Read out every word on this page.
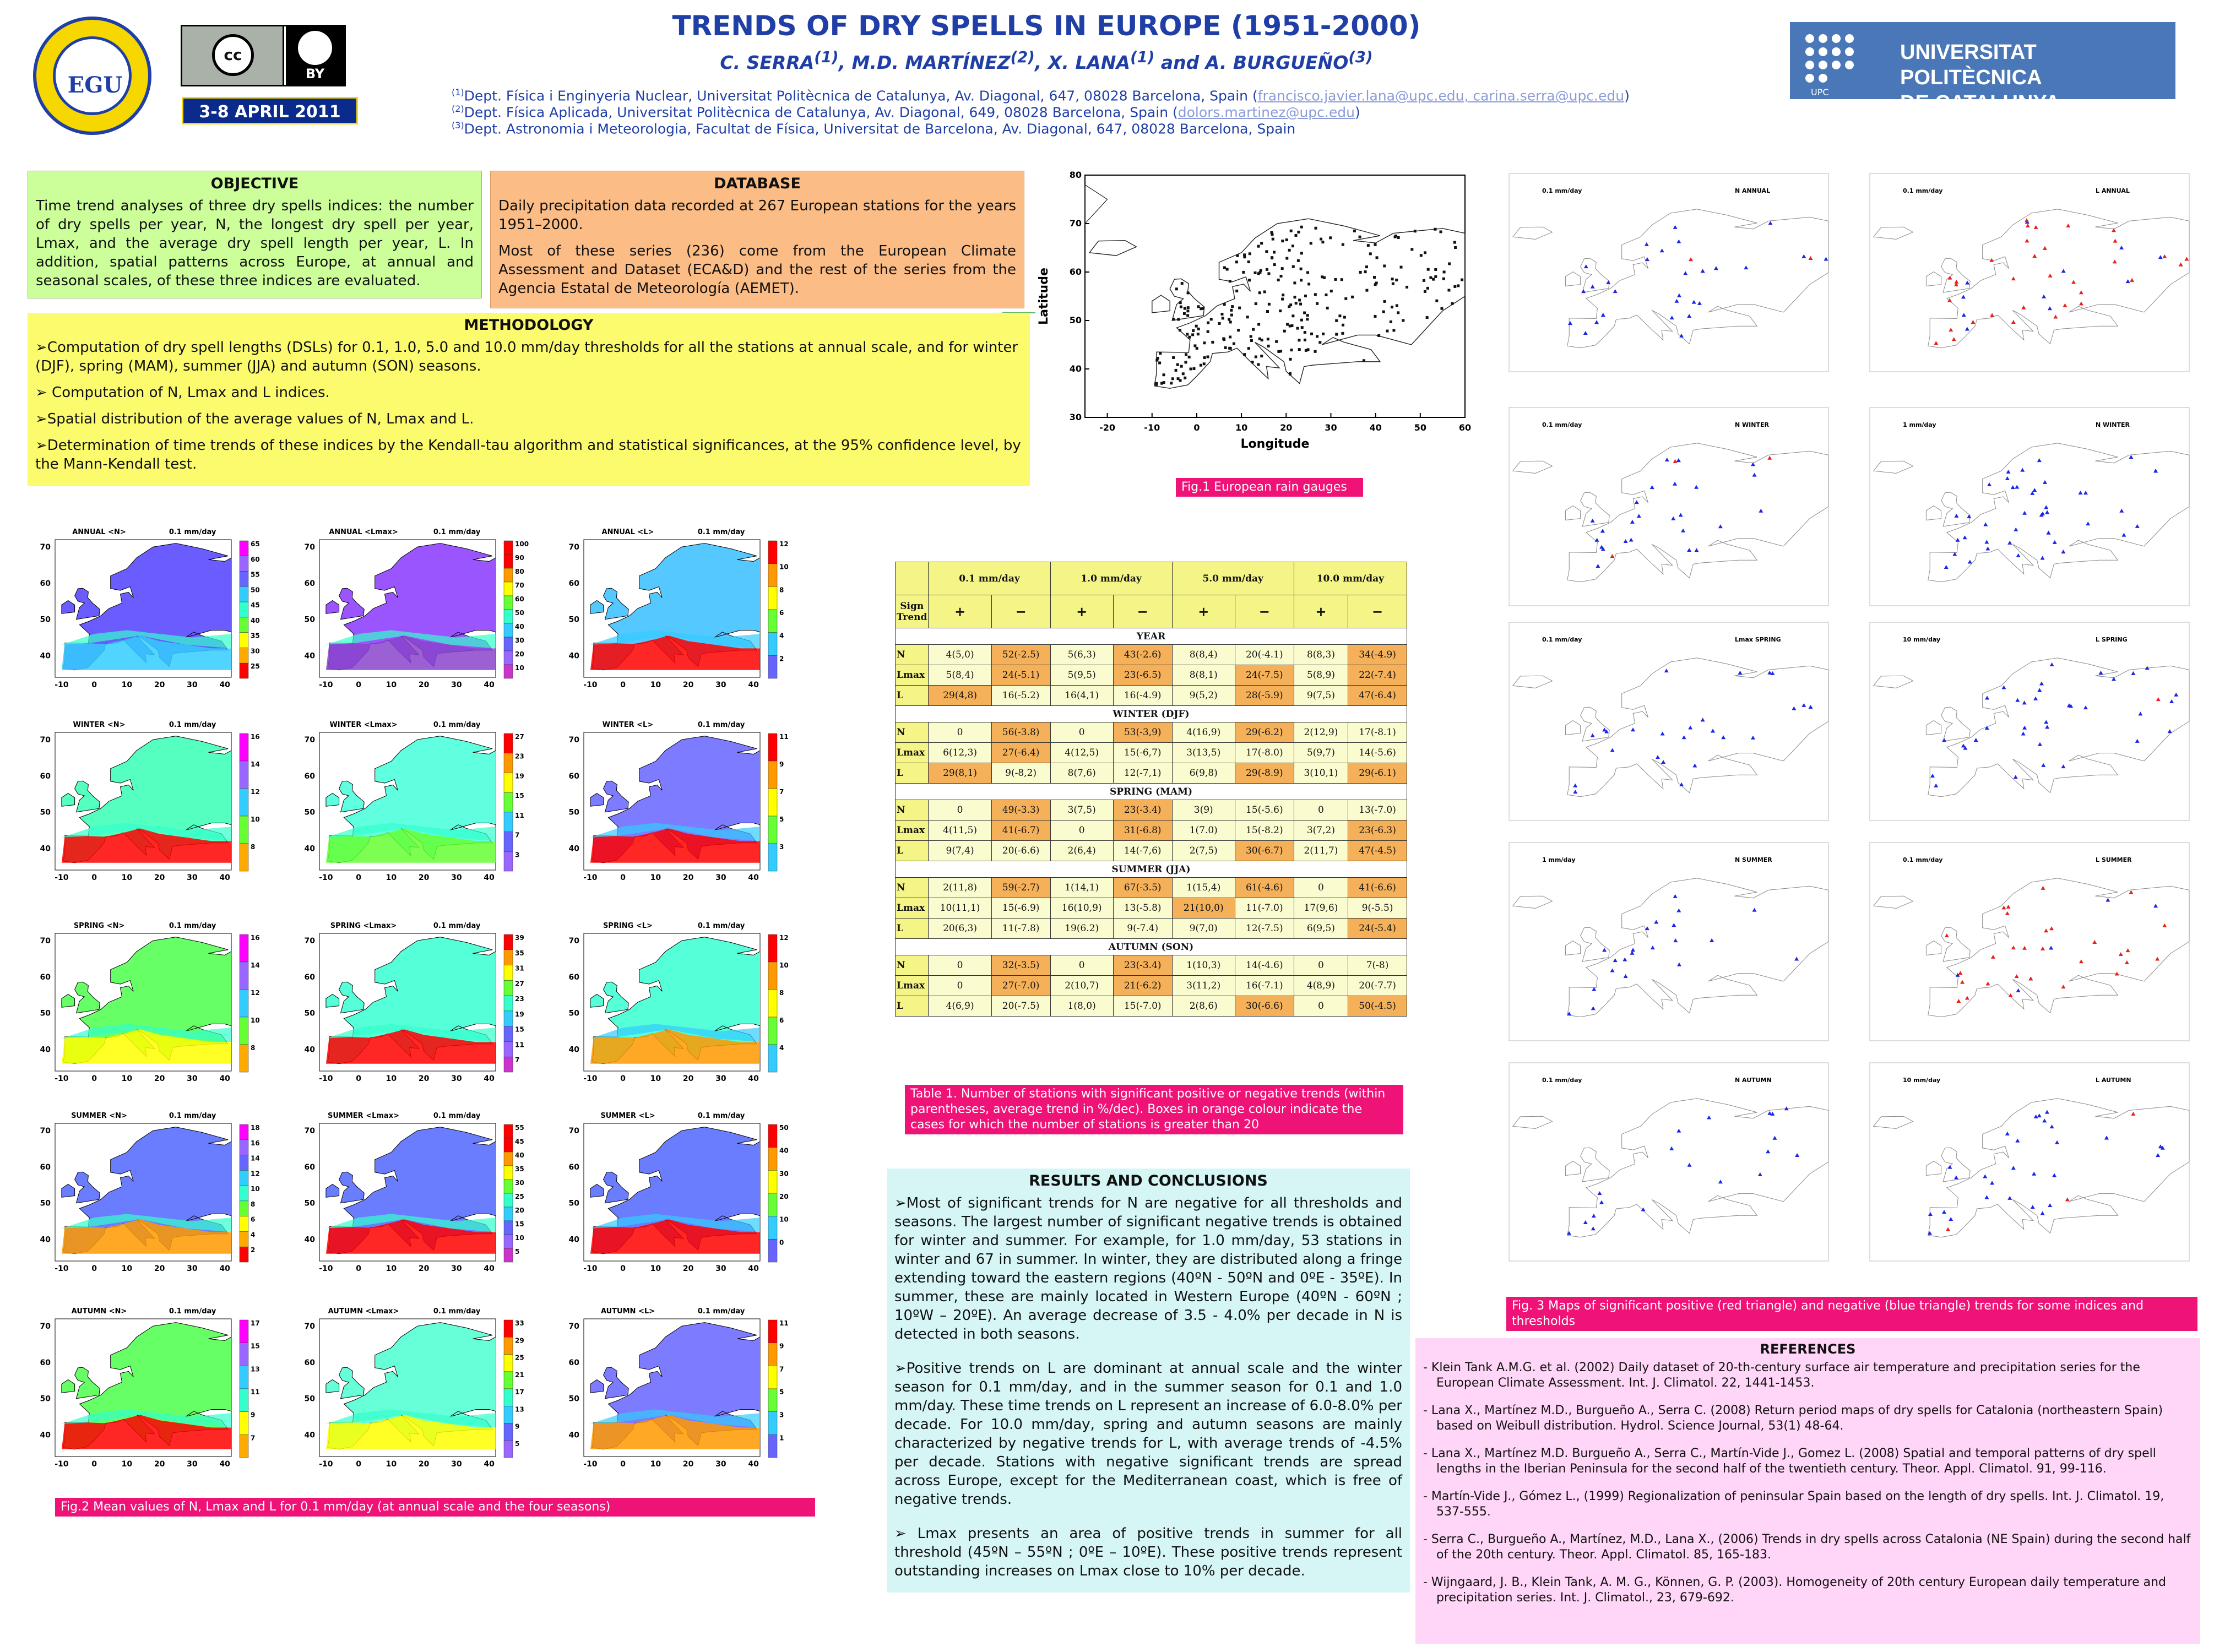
EGU
cc
BY
3-8 APRIL 2011
TRENDS OF DRY SPELLS IN EUROPE (1951-2000)
C. SERRA$^{(1)}$, M.D. MARTÍNEZ$^{(2)}$, X. LANA$^{(1)}$ and A. BURGUEÑO$^{(3)}$
UPC
UNIVERSITAT POLITÈCNICA
DE CATALUNYA
OBJECTIVE

Time trend analyses of three dry spells indices: the number of dry spells per year, N, the longest dry spell per year, Lmax, and the average dry spell length per year, L. In addition, spatial patterns across Europe, at annual and seasonal scales, of these three indices are evaluated.

DATABASE

Daily precipitation data recorded at 267 European stations for the years 1951–2000.

Most of these series (236) come from the European Climate Assessment and Dataset (ECA&D) and the rest of the series from the Agencia Estatal de Meteorología (AEMET).

METHODOLOGY

➢Computation of dry spell lengths (DSLs) for 0.1, 1.0, 5.0 and 10.0 mm/day thresholds for all the stations at annual scale, and for winter (DJF), spring (MAM), summer (JJA) and autumn (SON) seasons.

➢ Computation of N, Lmax and L indices.

➢Spatial distribution of the average values of N, Lmax and L.

➢Determination of time trends of these indices by the Kendall-tau algorithm and statistical significances, at the 95% confidence level, by the Mann-Kendall test.

-20	-10	0	10	20	30	40	50	60
80
70
60
50
40
30
Longitude
Latitude
Fig.1 European rain gauges
ANNUAL <N>	0.1 mm/day
-10	0	10	20	30	40
70
60
50
40
65
60
55
50
45
40
35
30
25
ANNUAL <Lmax>	0.1 mm/day
-10	0	10	20	30	40
70
60
50
40
100
90
80
70
60
50
40
30
20
10
ANNUAL <L>	0.1 mm/day
-10	0	10	20	30	40
70
60
50
40
12
10
8
6
4
2
WINTER <N>	0.1 mm/day
-10	0	10	20	30	40
70
60
50
40
16
14
12
10
8
WINTER <Lmax>	0.1 mm/day
-10	0	10	20	30	40
70
60
50
40
27
23
19
15
11
7
3
WINTER <L>	0.1 mm/day
-10	0	10	20	30	40
70
60
50
40
11
9
7
5
3
SPRING <N>	0.1 mm/day
-10	0	10	20	30	40
70
60
50
40
16
14
12
10
8
SPRING <Lmax>	0.1 mm/day
-10	0	10	20	30	40
70
60
50
40
39
35
31
27
23
19
15
11
7
SPRING <L>	0.1 mm/day
-10	0	10	20	30	40
70
60
50
40
12
10
8
6
4
SUMMER <N>	0.1 mm/day
-10	0	10	20	30	40
70
60
50
40
18
16
14
12
10
8
6
4
2
SUMMER <Lmax>	0.1 mm/day
-10	0	10	20	30	40
70
60
50
40
55
45
40
35
30
25
20
15
10
5
SUMMER <L>	0.1 mm/day
-10	0	10	20	30	40
70
60
50
40
50
40
30
20
10
0
AUTUMN <N>	0.1 mm/day
-10	0	10	20	30	40
70
60
50
40
17
15
13
11
9
7
AUTUMN <Lmax>	0.1 mm/day
-10	0	10	20	30	40
70
60
50
40
33
29
25
21
17
13
9
5
AUTUMN <L>	0.1 mm/day
-10	0	10	20	30	40
70
60
50
40
11
9
7
5
3
1
Fig.2 Mean values of N, Lmax and L for 0.1 mm/day (at annual scale and the four seasons)
	0.1 mm/day		1.0 mm/day		5.0 mm/day		10.0 mm/day	
Sign Trend	+	−	+	−	+	−	+	−
YEAR								
N	4(5,0)	52(-2.5)	5(6,3)	43(-2.6)	8(8,4)	20(-4.1)	8(8,3)	34(-4.9)
Lmax	5(8,4)	24(-5.1)	5(9,5)	23(-6.5)	8(8,1)	24(-7.5)	5(8,9)	22(-7.4)
L	29(4,8)	16(-5.2)	16(4,1)	16(-4.9)	9(5,2)	28(-5.9)	9(7,5)	47(-6.4)
WINTER (DJF)								
N	0	56(-3.8)	0	53(-3,9)	4(16,9)	29(-6.2)	2(12,9)	17(-8.1)
Lmax	6(12,3)	27(-6.4)	4(12,5)	15(-6,7)	3(13,5)	17(-8.0)	5(9,7)	14(-5.6)
L	29(8,1)	9(-8,2)	8(7,6)	12(-7,1)	6(9,8)	29(-8.9)	3(10,1)	29(-6.1)
SPRING (MAM)								
N	0	49(-3.3)	3(7,5)	23(-3.4)	3(9)	15(-5.6)	0	13(-7.0)
Lmax	4(11,5)	41(-6.7)	0	31(-6.8)	1(7.0)	15(-8.2)	3(7,2)	23(-6.3)
L	9(7,4)	20(-6.6)	2(6,4)	14(-7,6)	2(7,5)	30(-6.7)	2(11,7)	47(-4.5)
SUMMER (JJA)								
N	2(11,8)	59(-2.7)	1(14,1)	67(-3.5)	1(15,4)	61(-4.6)	0	41(-6.6)
Lmax	10(11,1)	15(-6.9)	16(10,9)	13(-5.8)	21(10,0)	11(-7.0)	17(9,6)	9(-5.5)
L	20(6,3)	11(-7.8)	19(6.2)	9(-7.4)	9(7,0)	12(-7.5)	6(9,5)	24(-5.4)
AUTUMN (SON)								
N	0	32(-3.5)	0	23(-3.4)	1(10,3)	14(-4.6)	0	7(-8)
Lmax	0	27(-7.0)	2(10,7)	21(-6.2)	3(11,2)	16(-7.1)	4(8,9)	20(-7.7)
L	4(6,9)	20(-7.5)	1(8,0)	15(-7.0)	2(8,6)	30(-6.6)	0	50(-4.5)
Table 1. Number of stations with significant positive or negative trends (within parentheses, average trend in %/dec). Boxes in orange colour indicate the cases for which the number of stations is greater than 20
RESULTS AND CONCLUSIONS

➢Most of significant trends for N are negative for all thresholds and seasons. The largest number of significant negative trends is obtained for winter and summer. For example, for 1.0 mm/day, 53 stations in winter and 67 in summer. In winter, they are distributed along a fringe extending toward the eastern regions (40ºN - 50ºN and 0ºE - 35ºE). In summer, these are mainly located in Western Europe (40ºN - 60ºN ; 10ºW – 20ºE). An average decrease of 3.5 - 4.0% per decade in N is detected in both seasons.

➢Positive trends on L are dominant at annual scale and the winter season for 0.1 mm/day, and in the summer season for 0.1 and 1.0 mm/day. These time trends on L represent an increase of 6.0-8.0% per decade. For 10.0 mm/day, spring and autumn seasons are mainly characterized by negative trends for L, with average trends of -4.5% per decade. Stations with negative significant trends are spread across Europe, except for the Mediterranean coast, which is free of negative trends.

➢ Lmax presents an area of positive trends in summer for all threshold (45ºN – 55ºN ; 0ºE – 10ºE). These positive trends represent outstanding increases on Lmax close to 10% per decade.

0.1 mm/day	N ANNUAL	0.1 mm/day	L ANNUAL
0.1 mm/day	N WINTER	1 mm/day	N WINTER
0.1 mm/day	Lmax SPRING	10 mm/day	L SPRING
1 mm/day	N SUMMER	0.1 mm/day	L SUMMER
0.1 mm/day	N AUTUMN	10 mm/day	L AUTUMN
Fig. 3 Maps of significant positive (red triangle) and negative (blue triangle) trends for some indices and thresholds
REFERENCES

- Klein Tank A.M.G. et al. (2002) Daily dataset of 20-th-century surface air temperature and precipitation series for the European Climate Assessment. Int. J. Climatol. 22, 1441-1453.

- Lana X., Martínez M.D., Burgueño A., Serra C. (2008) Return period maps of dry spells for Catalonia (northeastern Spain) based on Weibull distribution. Hydrol. Science Journal, 53(1) 48-64.

- Lana X., Martínez M.D. Burgueño A., Serra C., Martín-Vide J., Gomez L. (2008) Spatial and temporal patterns of dry spell lengths in the Iberian Peninsula for the second half of the twentieth century. Theor. Appl. Climatol. 91, 99-116.

- Martín-Vide J., Gómez L., (1999) Regionalization of peninsular Spain based on the length of dry spells. Int. J. Climatol. 19, 537-555.

- Serra C., Burgueño A., Martínez, M.D., Lana X., (2006) Trends in dry spells across Catalonia (NE Spain) during the second half of the 20th century. Theor. Appl. Climatol. 85, 165-183.

- Wijngaard, J. B., Klein Tank, A. M. G., Können, G. P. (2003). Homogeneity of 20th century European daily temperature and precipitation series. Int. J. Climatol., 23, 679-692.

$^{(1)}$Dept. Física i Enginyeria Nuclear, Universitat Politècnica de Catalunya, Av. Diagonal, 647, 08028 Barcelona, Spain (francisco.javier.lana@upc.edu, carina.serra@upc.edu)
$^{(2)}$Dept. Física Aplicada, Universitat Politècnica de Catalunya, Av. Diagonal, 649, 08028 Barcelona, Spain (dolors.martinez@upc.edu)
$^{(3)}$Dept. Astronomia i Meteorologia, Facultat de Física, Universitat de Barcelona, Av. Diagonal, 647, 08028 Barcelona, Spain
